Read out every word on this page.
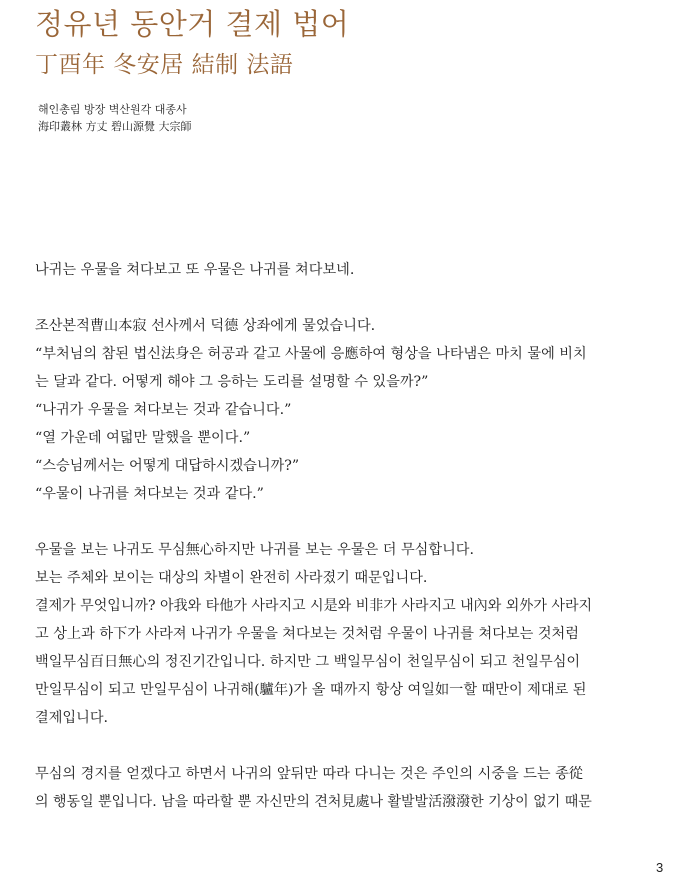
정유년 동안거 결제 법어
丁酉年 冬安居 結制 法語
해인총림 방장 벽산원각 대종사
海印叢林 方丈 碧山源覺 大宗師
나귀는 우물을 쳐다보고 또 우물은 나귀를 쳐다보네.
조산본적曹山本寂 선사께서 덕德 상좌에게 물었습니다.
“부처님의 참된 법신法身은 허공과 같고 사물에 응應하여 형상을 나타냄은 마치 물에 비치
는 달과 같다. 어떻게 해야 그 응하는 도리를 설명할 수 있을까?”
“나귀가 우물을 쳐다보는 것과 같습니다.”
“열 가운데 여덟만 말했을 뿐이다.”
“스승님께서는 어떻게 대답하시겠습니까?”
“우물이 나귀를 쳐다보는 것과 같다.”
우물을 보는 나귀도 무심無心하지만 나귀를 보는 우물은 더 무심합니다.
보는 주체와 보이는 대상의 차별이 완전히 사라졌기 때문입니다.
결제가 무엇입니까? 아我와 타他가 사라지고 시是와 비非가 사라지고 내內와 외外가 사라지
고 상上과 하下가 사라져 나귀가 우물을 쳐다보는 것처럼 우물이 나귀를 쳐다보는 것처럼
백일무심百日無心의 정진기간입니다. 하지만 그 백일무심이 천일무심이 되고 천일무심이
만일무심이 되고 만일무심이 나귀해(驢年)가 올 때까지 항상 여일如一할 때만이 제대로 된
결제입니다.
무심의 경지를 얻겠다고 하면서 나귀의 앞뒤만 따라 다니는 것은 주인의 시중을 드는 종從
의 행동일 뿐입니다. 남을 따라할 뿐 자신만의 견처見處나 활발발活潑潑한 기상이 없기 때문
3
